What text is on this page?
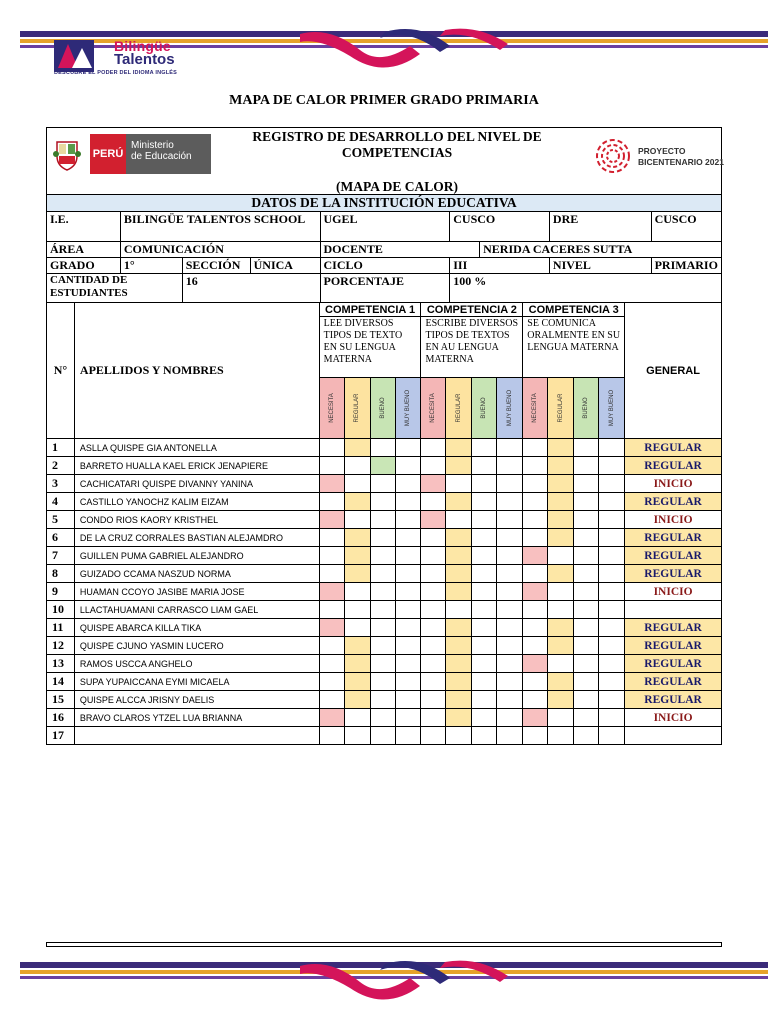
Bilingüe
Talentos
DESCUBRE EL PODER DEL IDIOMA INGLÉS
MAPA DE CALOR PRIMER GRADO PRIMARIA
PERÚ
Ministerio
de Educación
REGISTRO DE DESARROLLO DEL NIVEL DE COMPETENCIAS
(MAPA DE CALOR)
PROYECTO
BICENTENARIO 2021
DATOS DE LA INSTITUCIÓN EDUCATIVA								
I.E.	BILINGÜE TALENTOS SCHOOL			UGEL	CUSCO		DRE	CUSCO
ÁREA	COMUNICACIÓN			DOCENTE		NERIDA CACERES SUTTA		
GRADO	1°	SECCIÓN	ÚNICA	CICLO	III		NIVEL	PRIMARIO
CANTIDAD DE ESTUDIANTES		16		PORCENTAJE	100 %			
N°	APELLIDOS Y NOMBRES	COMPETENCIA 1				COMPETENCIA 2				COMPETENCIA 3				GENERAL
		LEE DIVERSOS TIPOS DE TEXTO EN SU LENGUA MATERNA				ESCRIBE DIVERSOS TIPOS DE TEXTOS EN AU LENGUA MATERNA				SE COMUNICA ORALMENTE EN SU LENGUA MATERNA				

		NECESITA	REGULAR	BUENO	MUY BUENO	NECESITA	REGULAR	BUENO	MUY BUENO	NECESITA	REGULAR	BUENO	MUY BUENO	

1	ASLLA QUISPE GIA ANTONELLA													REGULAR
2	BARRETO HUALLA KAEL ERICK JENAPIERE													REGULAR
3	CACHICATARI QUISPE DIVANNY YANINA													INICIO
4	CASTILLO YANOCHZ KALIM EIZAM													REGULAR
5	CONDO RIOS KAORY KRISTHEL													INICIO
6	DE LA CRUZ CORRALES BASTIAN ALEJAMDRO													REGULAR
7	GUILLEN PUMA GABRIEL ALEJANDRO													REGULAR
8	GUIZADO CCAMA NASZUD NORMA													REGULAR
9	HUAMAN CCOYO JASIBE MARIA JOSE													INICIO
10	LLACTAHUAMANI CARRASCO LIAM GAEL													
11	QUISPE ABARCA KILLA TIKA													REGULAR
12	QUISPE CJUNO YASMIN LUCERO													REGULAR
13	RAMOS USCCA ANGHELO													REGULAR
14	SUPA YUPAICCANA EYMI MICAELA													REGULAR
15	QUISPE ALCCA JRISNY DAELIS													REGULAR
16	BRAVO CLAROS YTZEL LUA BRIANNA													INICIO
17														
